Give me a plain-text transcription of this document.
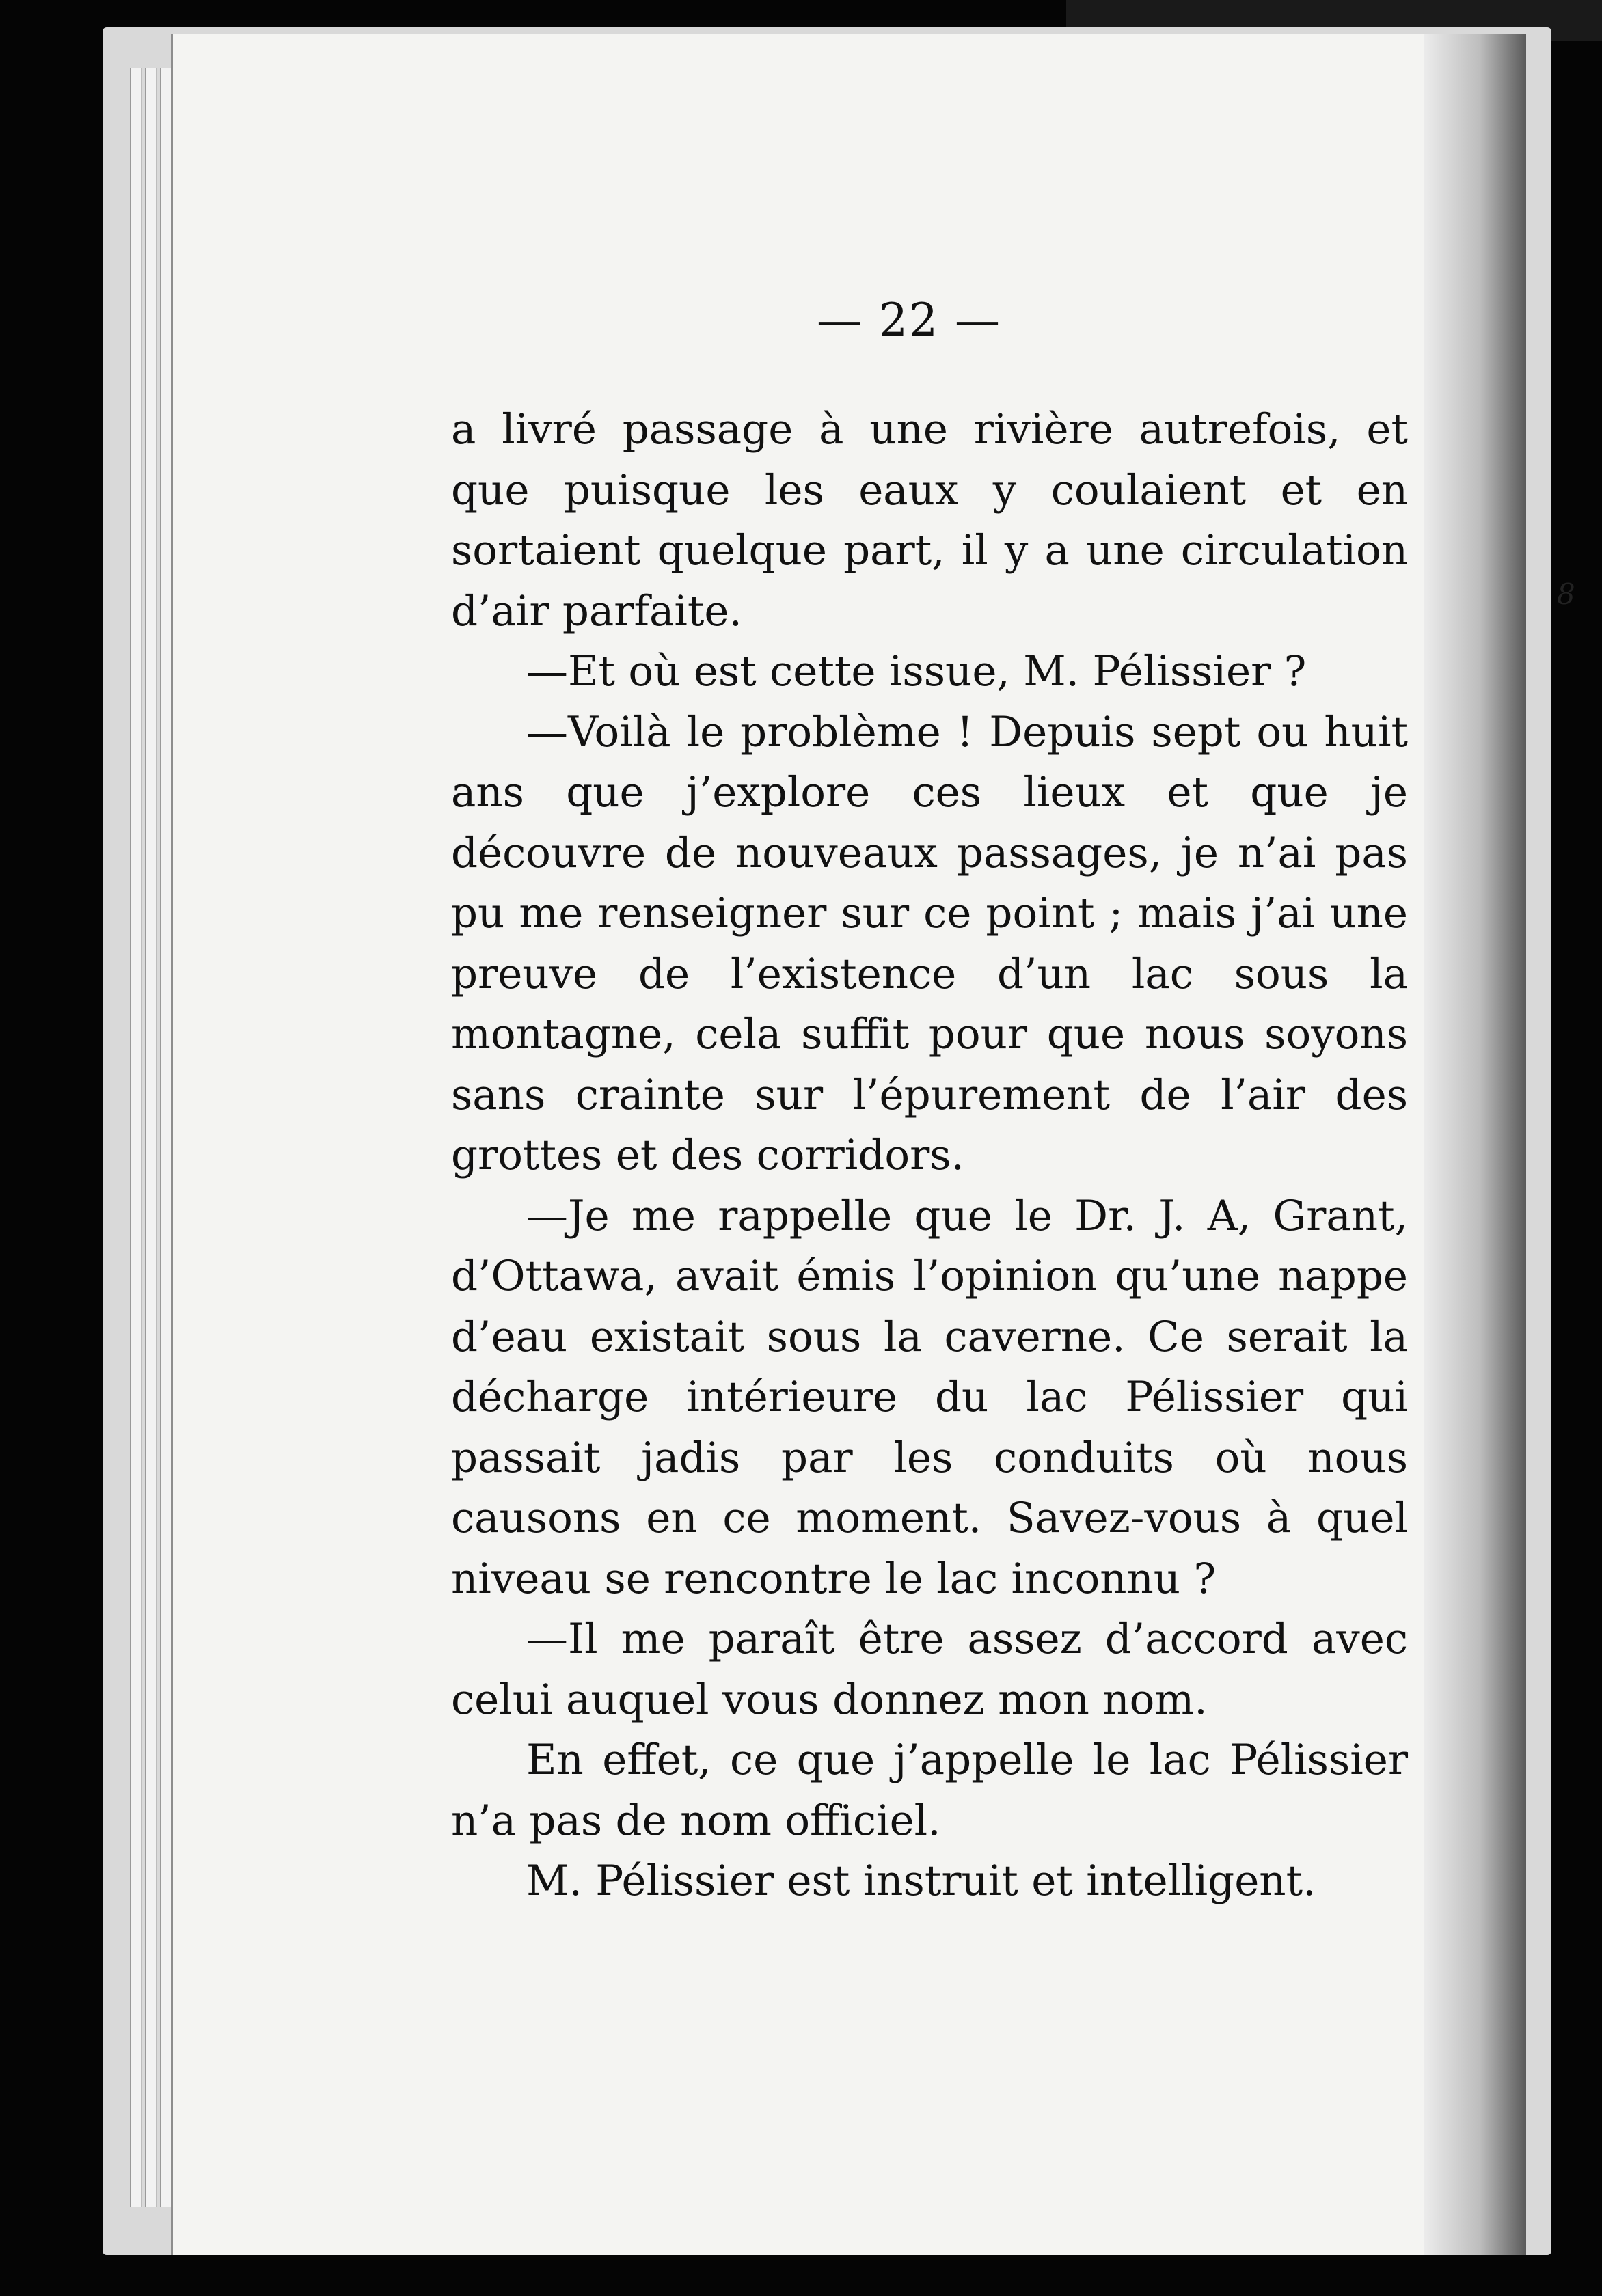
— 22 —

a livré passage à une rivière autrefois, et que puisque les eaux y coulaient et en sortaient quelque part, il y a une circulation d’air parfaite.

—Et où est cette issue, M. Pélissier ?

—Voilà le problème ! Depuis sept ou huit ans que j’explore ces lieux et que je découvre de nouveaux passages, je n’ai pas pu me renseigner sur ce point ; mais j’ai une preuve de l’existence d’un lac sous la montagne, cela suffit pour que nous soyons sans crainte sur l’épurement de l’air des grottes et des corridors.

—Je me rappelle que le Dr. J. A, Grant, d’Ottawa, avait émis l’opinion qu’une nappe d’eau existait sous la caverne. Ce serait la décharge intérieure du lac Pélissier qui passait jadis par les conduits où nous causons en ce moment. Savez-vous à quel niveau se rencontre le lac inconnu ?

—Il me paraît être assez d’accord avec celui auquel vous donnez mon nom.

En effet, ce que j’appelle le lac Pélissier n’a pas de nom officiel.

M. Pélissier est instruit et intelligent.

8
